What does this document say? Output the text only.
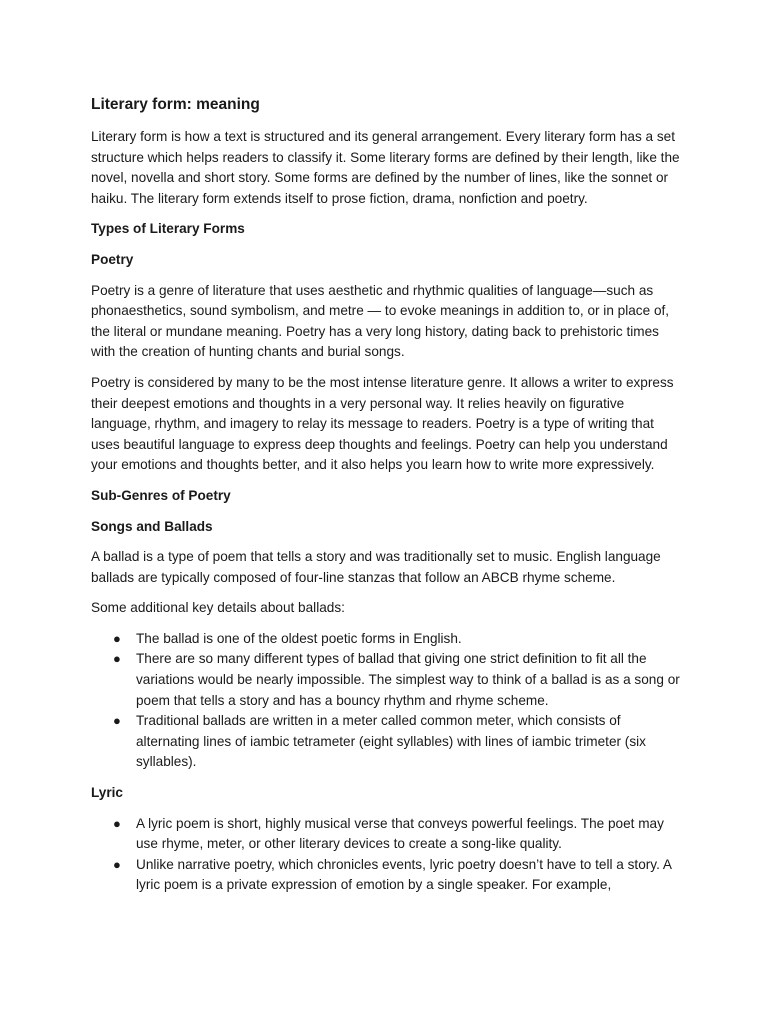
Literary form: meaning

Literary form is how a text is structured and its general arrangement. Every literary form has a set structure which helps readers to classify it. Some literary forms are defined by their length, like the novel, novella and short story. Some forms are defined by the number of lines, like the sonnet or haiku. The literary form extends itself to prose fiction, drama, nonfiction and poetry.

Types of Literary Forms
Poetry

Poetry is a genre of literature that uses aesthetic and rhythmic qualities of language—such as phonaesthetics, sound symbolism, and metre — to evoke meanings in addition to, or in place of, the literal or mundane meaning. Poetry has a very long history, dating back to prehistoric times with the creation of hunting chants and burial songs.

Poetry is considered by many to be the most intense literature genre. It allows a writer to express their deepest emotions and thoughts in a very personal way. It relies heavily on figurative language, rhythm, and imagery to relay its message to readers. Poetry is a type of writing that uses beautiful language to express deep thoughts and feelings. Poetry can help you understand your emotions and thoughts better, and it also helps you learn how to write more expressively.

Sub-Genres of Poetry
Songs and Ballads

A ballad is a type of poem that tells a story and was traditionally set to music. English language ballads are typically composed of four-line stanzas that follow an ABCB rhyme scheme.

Some additional key details about ballads:

● The ballad is one of the oldest poetic forms in English.
● There are so many different types of ballad that giving one strict definition to fit all the variations would be nearly impossible. The simplest way to think of a ballad is as a song or poem that tells a story and has a bouncy rhythm and rhyme scheme.
● Traditional ballads are written in a meter called common meter, which consists of alternating lines of iambic tetrameter (eight syllables) with lines of iambic trimeter (six syllables).
Lyric
● A lyric poem is short, highly musical verse that conveys powerful feelings. The poet may use rhyme, meter, or other literary devices to create a song-like quality.
● Unlike narrative poetry, which chronicles events, lyric poetry doesn’t have to tell a story. A lyric poem is a private expression of emotion by a single speaker. For example,
